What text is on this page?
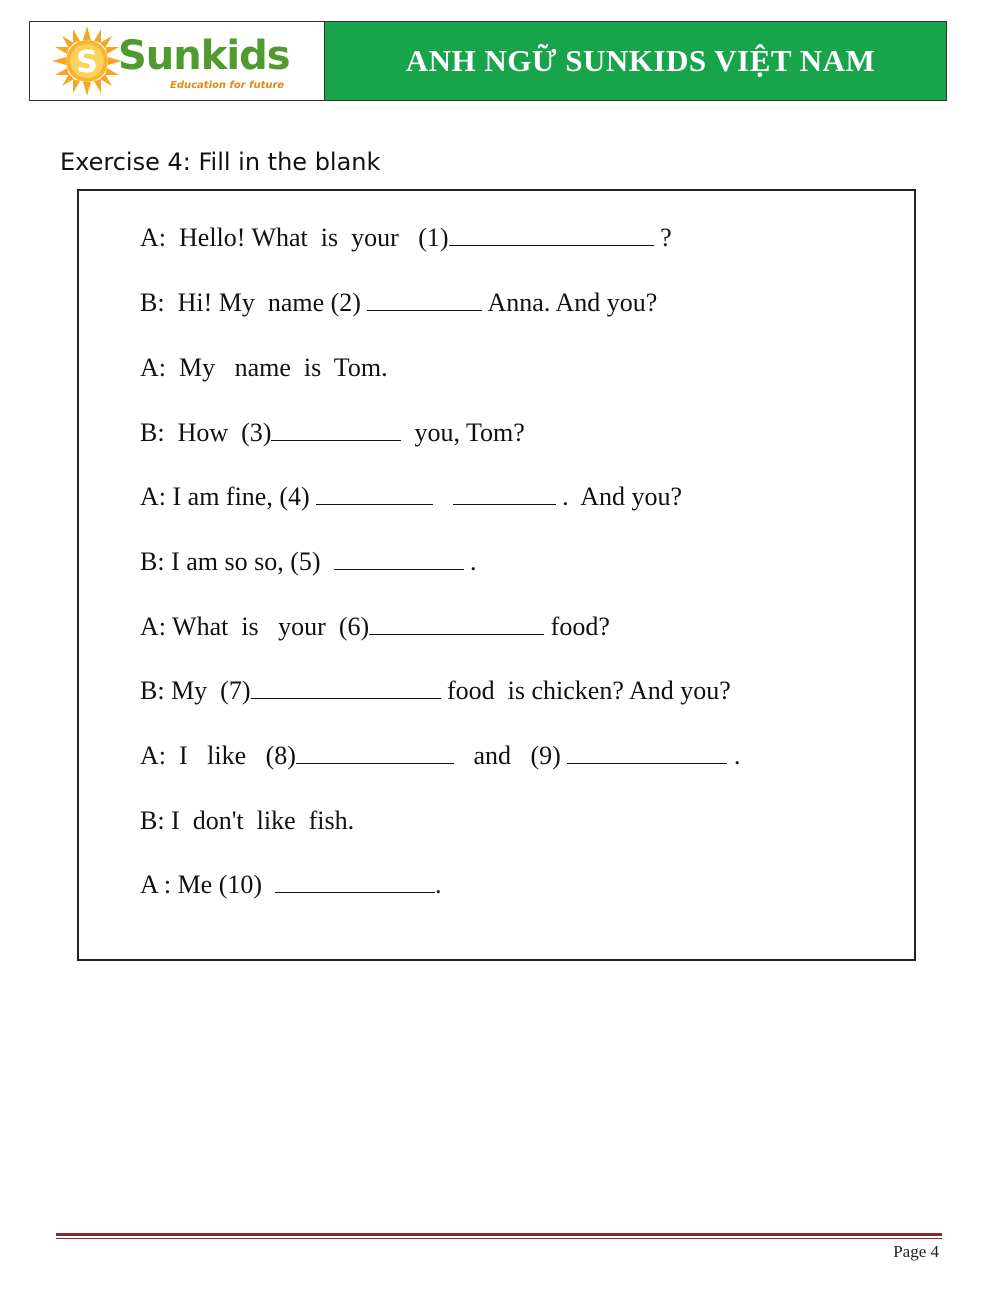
S Sunkids
Education for future
ANH NGỮ SUNKIDS VIỆT NAM
Exercise 4: Fill in the blank
A:  Hello! What  is  your   (1)	?
B:  Hi! My  name (2)	Anna. And you?
A:  My   name  is  Tom.
B:  How  (3)	you, Tom?
A: I am fine, (4)	.  And you?
B: I am so so, (5)	.
A: What  is   your  (6)	food?
B: My  (7)	food  is chicken? And you?
A:  I   like   (8)	and   (9)	.
B: I  don't  like  fish.
A : Me (10)	.
Page 4
